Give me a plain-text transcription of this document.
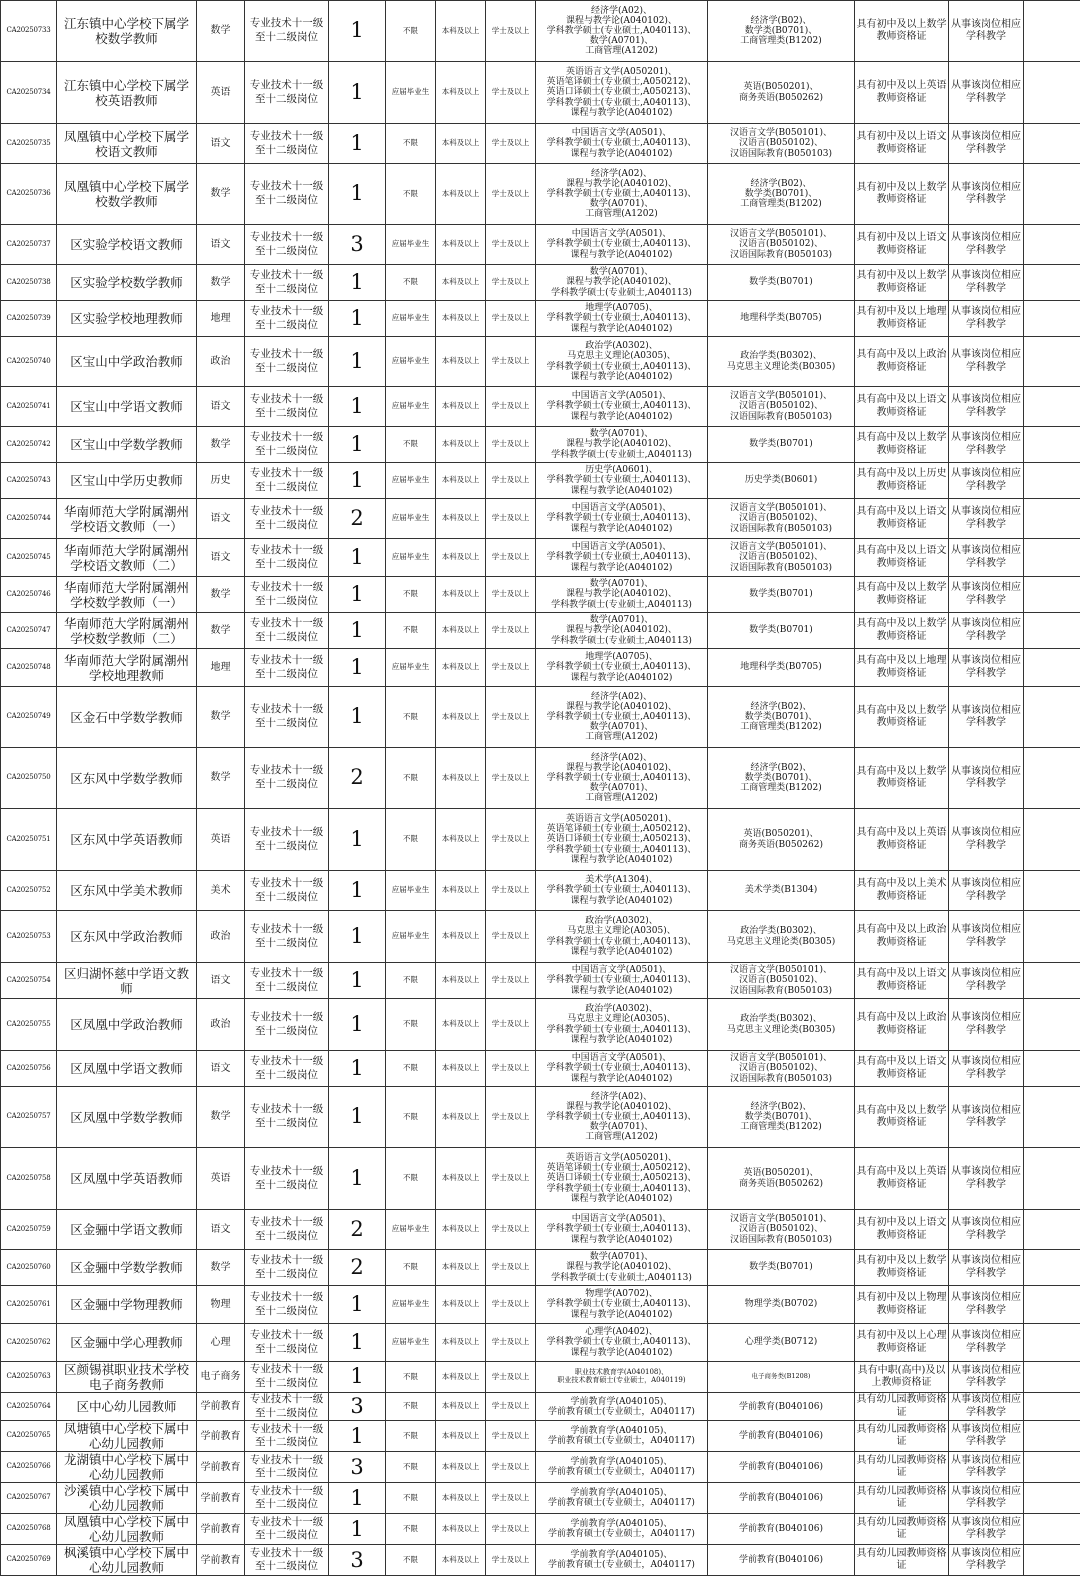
CA20250733	江东镇中心学校下属学校数学教师	数学	专业技术十一级至十二级岗位	1	不限	本科及以上	学士及以上	经济学(A02)、
课程与教学论(A040102)、
学科教学硕士(专业硕士,A040113)、
数学(A0701)、
工商管理(A1202)	经济学(B02)、
数学类(B0701)、
工商管理类(B1202)	具有初中及以上数学教师资格证	从事该岗位相应学科教学	
CA20250734	江东镇中心学校下属学校英语教师	英语	专业技术十一级至十二级岗位	1	应届毕业生	本科及以上	学士及以上	英语语言文学(A050201)、
英语笔译硕士(专业硕士,A050212)、
英语口译硕士(专业硕士,A050213)、
学科教学硕士(专业硕士,A040113)、
课程与教学论(A040102)	英语(B050201)、
商务英语(B050262)	具有初中及以上英语教师资格证	从事该岗位相应学科教学	
CA20250735	凤凰镇中心学校下属学校语文教师	语文	专业技术十一级至十二级岗位	1	不限	本科及以上	学士及以上	中国语言文学(A0501)、
学科教学硕士(专业硕士,A040113)、
课程与教学论(A040102)	汉语言文学(B050101)、
汉语言(B050102)、
汉语国际教育(B050103)	具有初中及以上语文教师资格证	从事该岗位相应学科教学	
CA20250736	凤凰镇中心学校下属学校数学教师	数学	专业技术十一级至十二级岗位	1	不限	本科及以上	学士及以上	经济学(A02)、
课程与教学论(A040102)、
学科教学硕士(专业硕士,A040113)、
数学(A0701)、
工商管理(A1202)	经济学(B02)、
数学类(B0701)、
工商管理类(B1202)	具有初中及以上数学教师资格证	从事该岗位相应学科教学	
CA20250737	区实验学校语文教师	语文	专业技术十一级至十二级岗位	3	应届毕业生	本科及以上	学士及以上	中国语言文学(A0501)、
学科教学硕士(专业硕士,A040113)、
课程与教学论(A040102)	汉语言文学(B050101)、
汉语言(B050102)、
汉语国际教育(B050103)	具有初中及以上语文教师资格证	从事该岗位相应学科教学	
CA20250738	区实验学校数学教师	数学	专业技术十一级至十二级岗位	1	不限	本科及以上	学士及以上	数学(A0701)、
课程与教学论(A040102)、
学科教学硕士(专业硕士,A040113)	数学类(B0701)	具有初中及以上数学教师资格证	从事该岗位相应学科教学	
CA20250739	区实验学校地理教师	地理	专业技术十一级至十二级岗位	1	应届毕业生	本科及以上	学士及以上	地理学(A0705)、
学科教学硕士(专业硕士,A040113)、
课程与教学论(A040102)	地理科学类(B0705)	具有初中及以上地理教师资格证	从事该岗位相应学科教学	
CA20250740	区宝山中学政治教师	政治	专业技术十一级至十二级岗位	1	应届毕业生	本科及以上	学士及以上	政治学(A0302)、
马克思主义理论(A0305)、
学科教学硕士(专业硕士,A040113)、
课程与教学论(A040102)	政治学类(B0302)、
马克思主义理论类(B0305)	具有高中及以上政治教师资格证	从事该岗位相应学科教学	
CA20250741	区宝山中学语文教师	语文	专业技术十一级至十二级岗位	1	应届毕业生	本科及以上	学士及以上	中国语言文学(A0501)、
学科教学硕士(专业硕士,A040113)、
课程与教学论(A040102)	汉语言文学(B050101)、
汉语言(B050102)、
汉语国际教育(B050103)	具有高中及以上语文教师资格证	从事该岗位相应学科教学	
CA20250742	区宝山中学数学教师	数学	专业技术十一级至十二级岗位	1	不限	本科及以上	学士及以上	数学(A0701)、
课程与教学论(A040102)、
学科教学硕士(专业硕士,A040113)	数学类(B0701)	具有高中及以上数学教师资格证	从事该岗位相应学科教学	
CA20250743	区宝山中学历史教师	历史	专业技术十一级至十二级岗位	1	应届毕业生	本科及以上	学士及以上	历史学(A0601)、
学科教学硕士(专业硕士,A040113)、
课程与教学论(A040102)	历史学类(B0601)	具有高中及以上历史教师资格证	从事该岗位相应学科教学	
CA20250744	华南师范大学附属潮州学校语文教师（一）	语文	专业技术十一级至十二级岗位	2	应届毕业生	本科及以上	学士及以上	中国语言文学(A0501)、
学科教学硕士(专业硕士,A040113)、
课程与教学论(A040102)	汉语言文学(B050101)、
汉语言(B050102)、
汉语国际教育(B050103)	具有高中及以上语文教师资格证	从事该岗位相应学科教学	
CA20250745	华南师范大学附属潮州学校语文教师（二）	语文	专业技术十一级至十二级岗位	1	应届毕业生	本科及以上	学士及以上	中国语言文学(A0501)、
学科教学硕士(专业硕士,A040113)、
课程与教学论(A040102)	汉语言文学(B050101)、
汉语言(B050102)、
汉语国际教育(B050103)	具有高中及以上语文教师资格证	从事该岗位相应学科教学	
CA20250746	华南师范大学附属潮州学校数学教师（一）	数学	专业技术十一级至十二级岗位	1	不限	本科及以上	学士及以上	数学(A0701)、
课程与教学论(A040102)、
学科教学硕士(专业硕士,A040113)	数学类(B0701)	具有高中及以上数学教师资格证	从事该岗位相应学科教学	
CA20250747	华南师范大学附属潮州学校数学教师（二）	数学	专业技术十一级至十二级岗位	1	不限	本科及以上	学士及以上	数学(A0701)、
课程与教学论(A040102)、
学科教学硕士(专业硕士,A040113)	数学类(B0701)	具有高中及以上数学教师资格证	从事该岗位相应学科教学	
CA20250748	华南师范大学附属潮州学校地理教师	地理	专业技术十一级至十二级岗位	1	应届毕业生	本科及以上	学士及以上	地理学(A0705)、
学科教学硕士(专业硕士,A040113)、
课程与教学论(A040102)	地理科学类(B0705)	具有高中及以上地理教师资格证	从事该岗位相应学科教学	
CA20250749	区金石中学数学教师	数学	专业技术十一级至十二级岗位	1	不限	本科及以上	学士及以上	经济学(A02)、
课程与教学论(A040102)、
学科教学硕士(专业硕士,A040113)、
数学(A0701)、
工商管理(A1202)	经济学(B02)、
数学类(B0701)、
工商管理类(B1202)	具有高中及以上数学教师资格证	从事该岗位相应学科教学	
CA20250750	区东风中学数学教师	数学	专业技术十一级至十二级岗位	2	不限	本科及以上	学士及以上	经济学(A02)、
课程与教学论(A040102)、
学科教学硕士(专业硕士,A040113)、
数学(A0701)、
工商管理(A1202)	经济学(B02)、
数学类(B0701)、
工商管理类(B1202)	具有高中及以上数学教师资格证	从事该岗位相应学科教学	
CA20250751	区东风中学英语教师	英语	专业技术十一级至十二级岗位	1	不限	本科及以上	学士及以上	英语语言文学(A050201)、
英语笔译硕士(专业硕士,A050212)、
英语口译硕士(专业硕士,A050213)、
学科教学硕士(专业硕士,A040113)、
课程与教学论(A040102)	英语(B050201)、
商务英语(B050262)	具有高中及以上英语教师资格证	从事该岗位相应学科教学	
CA20250752	区东风中学美术教师	美术	专业技术十一级至十二级岗位	1	应届毕业生	本科及以上	学士及以上	美术学(A1304)、
学科教学硕士(专业硕士,A040113)、
课程与教学论(A040102)	美术学类(B1304)	具有高中及以上美术教师资格证	从事该岗位相应学科教学	
CA20250753	区东风中学政治教师	政治	专业技术十一级至十二级岗位	1	应届毕业生	本科及以上	学士及以上	政治学(A0302)、
马克思主义理论(A0305)、
学科教学硕士(专业硕士,A040113)、
课程与教学论(A040102)	政治学类(B0302)、
马克思主义理论类(B0305)	具有高中及以上政治教师资格证	从事该岗位相应学科教学	
CA20250754	区归湖怀慈中学语文教师	语文	专业技术十一级至十二级岗位	1	不限	本科及以上	学士及以上	中国语言文学(A0501)、
学科教学硕士(专业硕士,A040113)、
课程与教学论(A040102)	汉语言文学(B050101)、
汉语言(B050102)、
汉语国际教育(B050103)	具有高中及以上语文教师资格证	从事该岗位相应学科教学	
CA20250755	区凤凰中学政治教师	政治	专业技术十一级至十二级岗位	1	不限	本科及以上	学士及以上	政治学(A0302)、
马克思主义理论(A0305)、
学科教学硕士(专业硕士,A040113)、
课程与教学论(A040102)	政治学类(B0302)、
马克思主义理论类(B0305)	具有高中及以上政治教师资格证	从事该岗位相应学科教学	
CA20250756	区凤凰中学语文教师	语文	专业技术十一级至十二级岗位	1	不限	本科及以上	学士及以上	中国语言文学(A0501)、
学科教学硕士(专业硕士,A040113)、
课程与教学论(A040102)	汉语言文学(B050101)、
汉语言(B050102)、
汉语国际教育(B050103)	具有高中及以上语文教师资格证	从事该岗位相应学科教学	
CA20250757	区凤凰中学数学教师	数学	专业技术十一级至十二级岗位	1	不限	本科及以上	学士及以上	经济学(A02)、
课程与教学论(A040102)、
学科教学硕士(专业硕士,A040113)、
数学(A0701)、
工商管理(A1202)	经济学(B02)、
数学类(B0701)、
工商管理类(B1202)	具有高中及以上数学教师资格证	从事该岗位相应学科教学	
CA20250758	区凤凰中学英语教师	英语	专业技术十一级至十二级岗位	1	不限	本科及以上	学士及以上	英语语言文学(A050201)、
英语笔译硕士(专业硕士,A050212)、
英语口译硕士(专业硕士,A050213)、
学科教学硕士(专业硕士,A040113)、
课程与教学论(A040102)	英语(B050201)、
商务英语(B050262)	具有高中及以上英语教师资格证	从事该岗位相应学科教学	
CA20250759	区金骊中学语文教师	语文	专业技术十一级至十二级岗位	2	应届毕业生	本科及以上	学士及以上	中国语言文学(A0501)、
学科教学硕士(专业硕士,A040113)、
课程与教学论(A040102)	汉语言文学(B050101)、
汉语言(B050102)、
汉语国际教育(B050103)	具有初中及以上语文教师资格证	从事该岗位相应学科教学	
CA20250760	区金骊中学数学教师	数学	专业技术十一级至十二级岗位	2	不限	本科及以上	学士及以上	数学(A0701)、
课程与教学论(A040102)、
学科教学硕士(专业硕士,A040113)	数学类(B0701)	具有初中及以上数学教师资格证	从事该岗位相应学科教学	
CA20250761	区金骊中学物理教师	物理	专业技术十一级至十二级岗位	1	应届毕业生	本科及以上	学士及以上	物理学(A0702)、
学科教学硕士(专业硕士,A040113)、
课程与教学论(A040102)	物理学类(B0702)	具有初中及以上物理教师资格证	从事该岗位相应学科教学	
CA20250762	区金骊中学心理教师	心理	专业技术十一级至十二级岗位	1	应届毕业生	本科及以上	学士及以上	心理学(A0402)、
学科教学硕士(专业硕士,A040113)、
课程与教学论(A040102)	心理学类(B0712)	具有初中及以上心理教师资格证	从事该岗位相应学科教学	
CA20250763	区颜锡祺职业技术学校电子商务教师	电子商务	专业技术十一级至十二级岗位	1	不限	本科及以上	学士及以上	职业技术教育学(A040108)、
职业技术教育硕士(专业硕士，A040119)	电子商务类(B1208)	具有中职(高中)及以上教师资格证	从事该岗位相应学科教学	
CA20250764	区中心幼儿园教师	学前教育	专业技术十一级至十二级岗位	3	不限	本科及以上	学士及以上	学前教育学(A040105)、
学前教育硕士(专业硕士，A040117)	学前教育(B040106)	具有幼儿园教师资格证	从事该岗位相应学科教学	
CA20250765	凤塘镇中心学校下属中心幼儿园教师	学前教育	专业技术十一级至十二级岗位	1	不限	本科及以上	学士及以上	学前教育学(A040105)、
学前教育硕士(专业硕士，A040117)	学前教育(B040106)	具有幼儿园教师资格证	从事该岗位相应学科教学	
CA20250766	龙湖镇中心学校下属中心幼儿园教师	学前教育	专业技术十一级至十二级岗位	3	不限	本科及以上	学士及以上	学前教育学(A040105)、
学前教育硕士(专业硕士，A040117)	学前教育(B040106)	具有幼儿园教师资格证	从事该岗位相应学科教学	
CA20250767	沙溪镇中心学校下属中心幼儿园教师	学前教育	专业技术十一级至十二级岗位	1	不限	本科及以上	学士及以上	学前教育学(A040105)、
学前教育硕士(专业硕士，A040117)	学前教育(B040106)	具有幼儿园教师资格证	从事该岗位相应学科教学	
CA20250768	凤凰镇中心学校下属中心幼儿园教师	学前教育	专业技术十一级至十二级岗位	1	不限	本科及以上	学士及以上	学前教育学(A040105)、
学前教育硕士(专业硕士，A040117)	学前教育(B040106)	具有幼儿园教师资格证	从事该岗位相应学科教学	
CA20250769	枫溪镇中心学校下属中心幼儿园教师	学前教育	专业技术十一级至十二级岗位	3	不限	本科及以上	学士及以上	学前教育学(A040105)、
学前教育硕士(专业硕士，A040117)	学前教育(B040106)	具有幼儿园教师资格证	从事该岗位相应学科教学	
